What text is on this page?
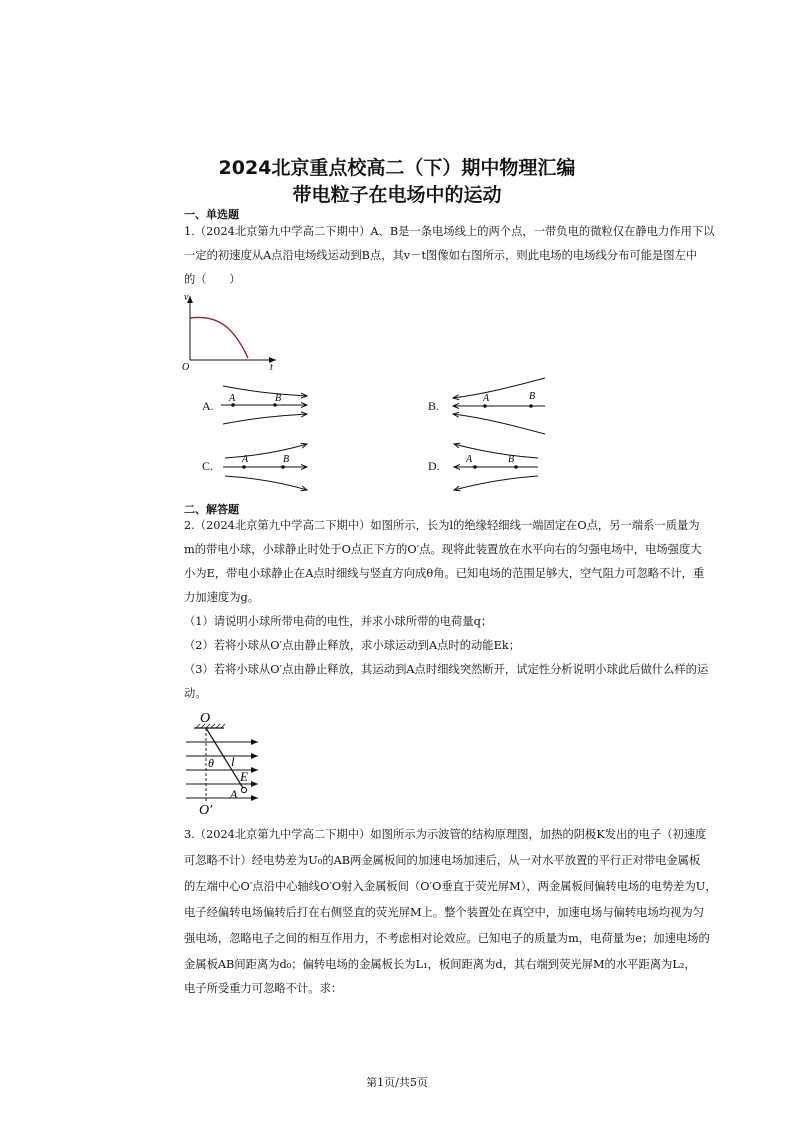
2024北京重点校高二（下）期中物理汇编
带电粒子在电场中的运动
一、单选题
1.（2024北京第九中学高二下期中）A、B是一条电场线上的两个点，一带负电的微粒仅在静电力作用下以
一定的初速度从A点沿电场线运动到B点，其v－t图像如右图所示，则此电场的电场线分布可能是图左中
的（　　）
v
t
O
A.	B.
C.	D.
A	B	A	B
A	B	A	B
二、解答题
2.（2024北京第九中学高二下期中）如图所示，长为l的绝缘轻细线一端固定在O点，另一端系一质量为
m的带电小球，小球静止时处于O点正下方的O′点。现将此装置放在水平向右的匀强电场中，电场强度大
小为E，带电小球静止在A点时细线与竖直方向成θ角。已知电场的范围足够大，空气阻力可忽略不计，重
力加速度为g。
（1）请说明小球所带电荷的电性，并求小球所带的电荷量q；
（2）若将小球从O′点由静止释放，求小球运动到A点时的动能Ek；
（3）若将小球从O′点由静止释放，其运动到A点时细线突然断开，试定性分析说明小球此后做什么样的运
动。
O
θ l
E
A
O′
3.（2024北京第九中学高二下期中）如图所示为示波管的结构原理图，加热的阴极K发出的电子（初速度
可忽略不计）经电势差为U₀的AB两金属板间的加速电场加速后，从一对水平放置的平行正对带电金属板
的左端中心O′点沿中心轴线O′O射入金属板间（O′O垂直于荧光屏M），两金属板间偏转电场的电势差为U，
电子经偏转电场偏转后打在右侧竖直的荧光屏M上。整个装置处在真空中，加速电场与偏转电场均视为匀
强电场，忽略电子之间的相互作用力，不考虑相对论效应。已知电子的质量为m，电荷量为e；加速电场的
金属板AB间距离为d₀；偏转电场的金属板长为L₁，板间距离为d，其右端到荧光屏M的水平距离为L₂，
电子所受重力可忽略不计。求：
第1页/共5页
